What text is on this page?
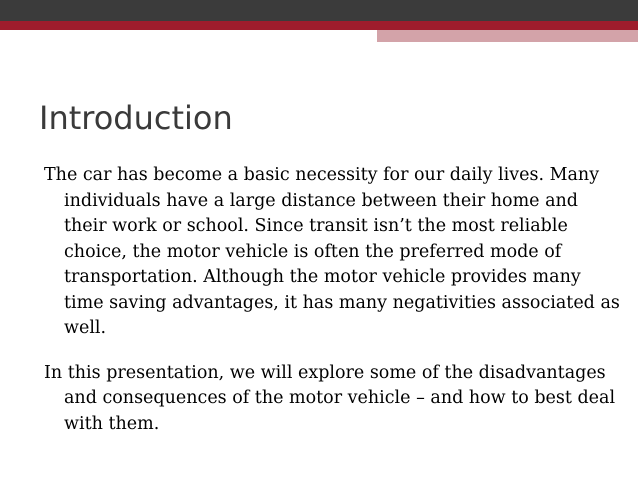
Introduction

The car has become a basic necessity for our daily lives. Many individuals have a large distance between their home and their work or school. Since transit isn’t the most reliable choice, the motor vehicle is often the preferred mode of transportation. Although the motor vehicle provides many time saving advantages, it has many negativities associated as well.

In this presentation, we will explore some of the disadvantages and consequences of the motor vehicle – and how to best deal with them.
